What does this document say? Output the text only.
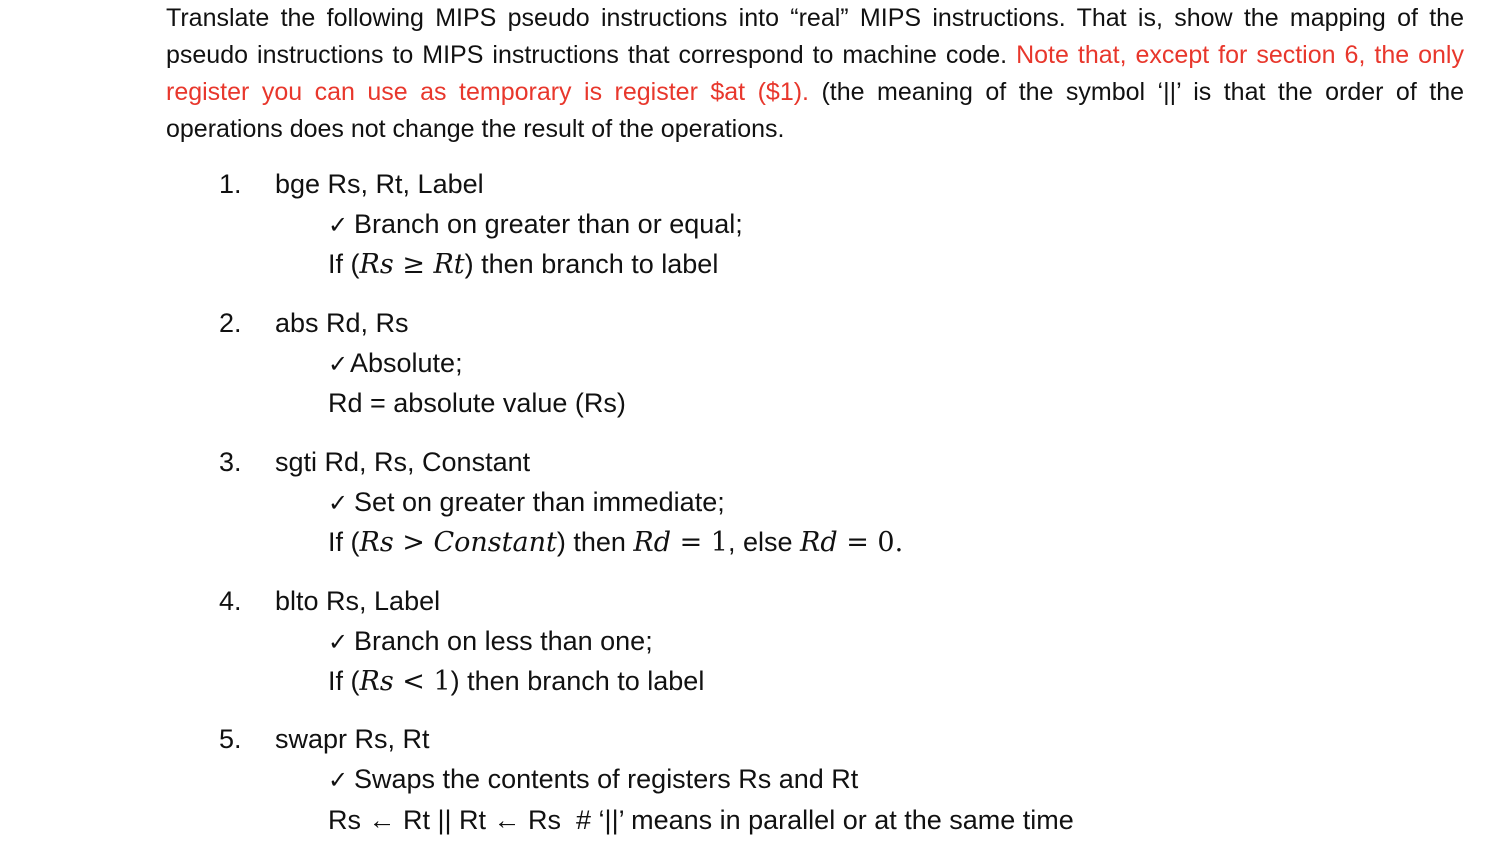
Translate the following MIPS pseudo instructions into “real” MIPS instructions. That is, show the mapping of the pseudo instructions to MIPS instructions that correspond to machine code. Note that, except for section 6, the only register you can use as temporary is register $at ($1). (the meaning of the symbol ‘||’ is that the order of the operations does not change the result of the operations.
1. bge Rs, Rt, Label
✓ Branch on greater than or equal;
If (Rs ≥ Rt) then branch to label
2. abs Rd, Rs
✓Absolute;
Rd = absolute value (Rs)
3. sgti Rd, Rs, Constant
✓ Set on greater than immediate;
If (Rs > Constant) then Rd = 1, else Rd = 0.
4. blto Rs, Label
✓ Branch on less than one;
If (Rs < 1) then branch to label
5. swapr Rs, Rt
✓ Swaps the contents of registers Rs and Rt
Rs ← Rt || Rt ← Rs  # ‘||’ means in parallel or at the same time
